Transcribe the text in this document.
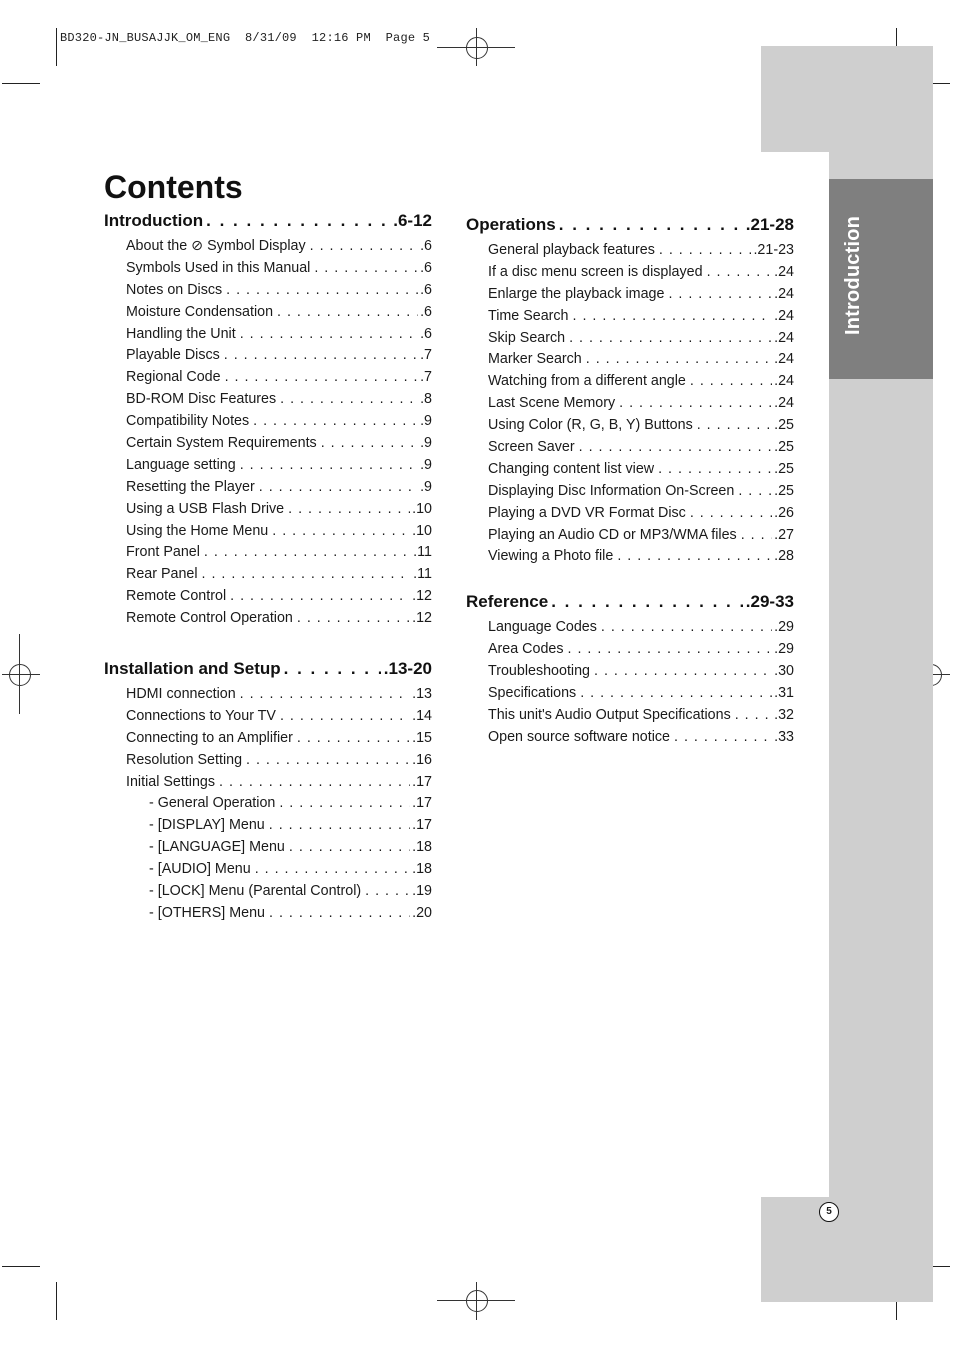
BD320-JN_BUSAJJK_OM_ENG  8/31/09  12:16 PM  Page 5
Introduction
5
Contents
Introduction . . .	.6-12
About the ⊘ Symbol Display . . .	.6
Symbols Used in this Manual . . .	.6
Notes on Discs . . .	.6
Moisture Condensation . . .	.6
Handling the Unit . . .	.6
Playable Discs . . .	.7
Regional Code . . .	.7
BD-ROM Disc Features . . .	.8
Compatibility Notes . . .	.9
Certain System Requirements . . .	.9
Language setting . . .	.9
Resetting the Player . . .	.9
Using a USB Flash Drive . . .	.10
Using the Home Menu . . .	.10
Front Panel . . .	.11
Rear Panel . . .	.11
Remote Control . . .	.12
Remote Control Operation . . .	.12
Installation and Setup . . .	.13-20
HDMI connection . . .	.13
Connections to Your TV . . .	.14
Connecting to an Amplifier . . .	.15
Resolution Setting . . .	.16
Initial Settings . . .	.17
- General Operation . . .	.17
- [DISPLAY] Menu . . .	.17
- [LANGUAGE] Menu . . .	.18
- [AUDIO] Menu . . .	.18
- [LOCK] Menu (Parental Control) . . .	.19
- [OTHERS] Menu . . .	.20
Operations . . .	.21-28
General playback features . . .	.21-23
If a disc menu screen is displayed . . .	.24
Enlarge the playback image . . .	.24
Time Search . . .	.24
Skip Search . . .	.24
Marker Search . . .	.24
Watching from a different angle . . .	.24
Last Scene Memory . . .	.24
Using Color (R, G, B, Y) Buttons . . .	.25
Screen Saver . . .	.25
Changing content list view . . .	.25
Displaying Disc Information On-Screen . . .	.25
Playing a DVD VR Format Disc . . .	.26
Playing an Audio CD or MP3/WMA files . . .	.27
Viewing a Photo file . . .	.28
Reference . . .	.29-33
Language Codes . . .	.29
Area Codes . . .	.29
Troubleshooting . . .	.30
Specifications . . .	.31
This unit's Audio Output Specifications . . .	.32
Open source software notice . . .	.33
